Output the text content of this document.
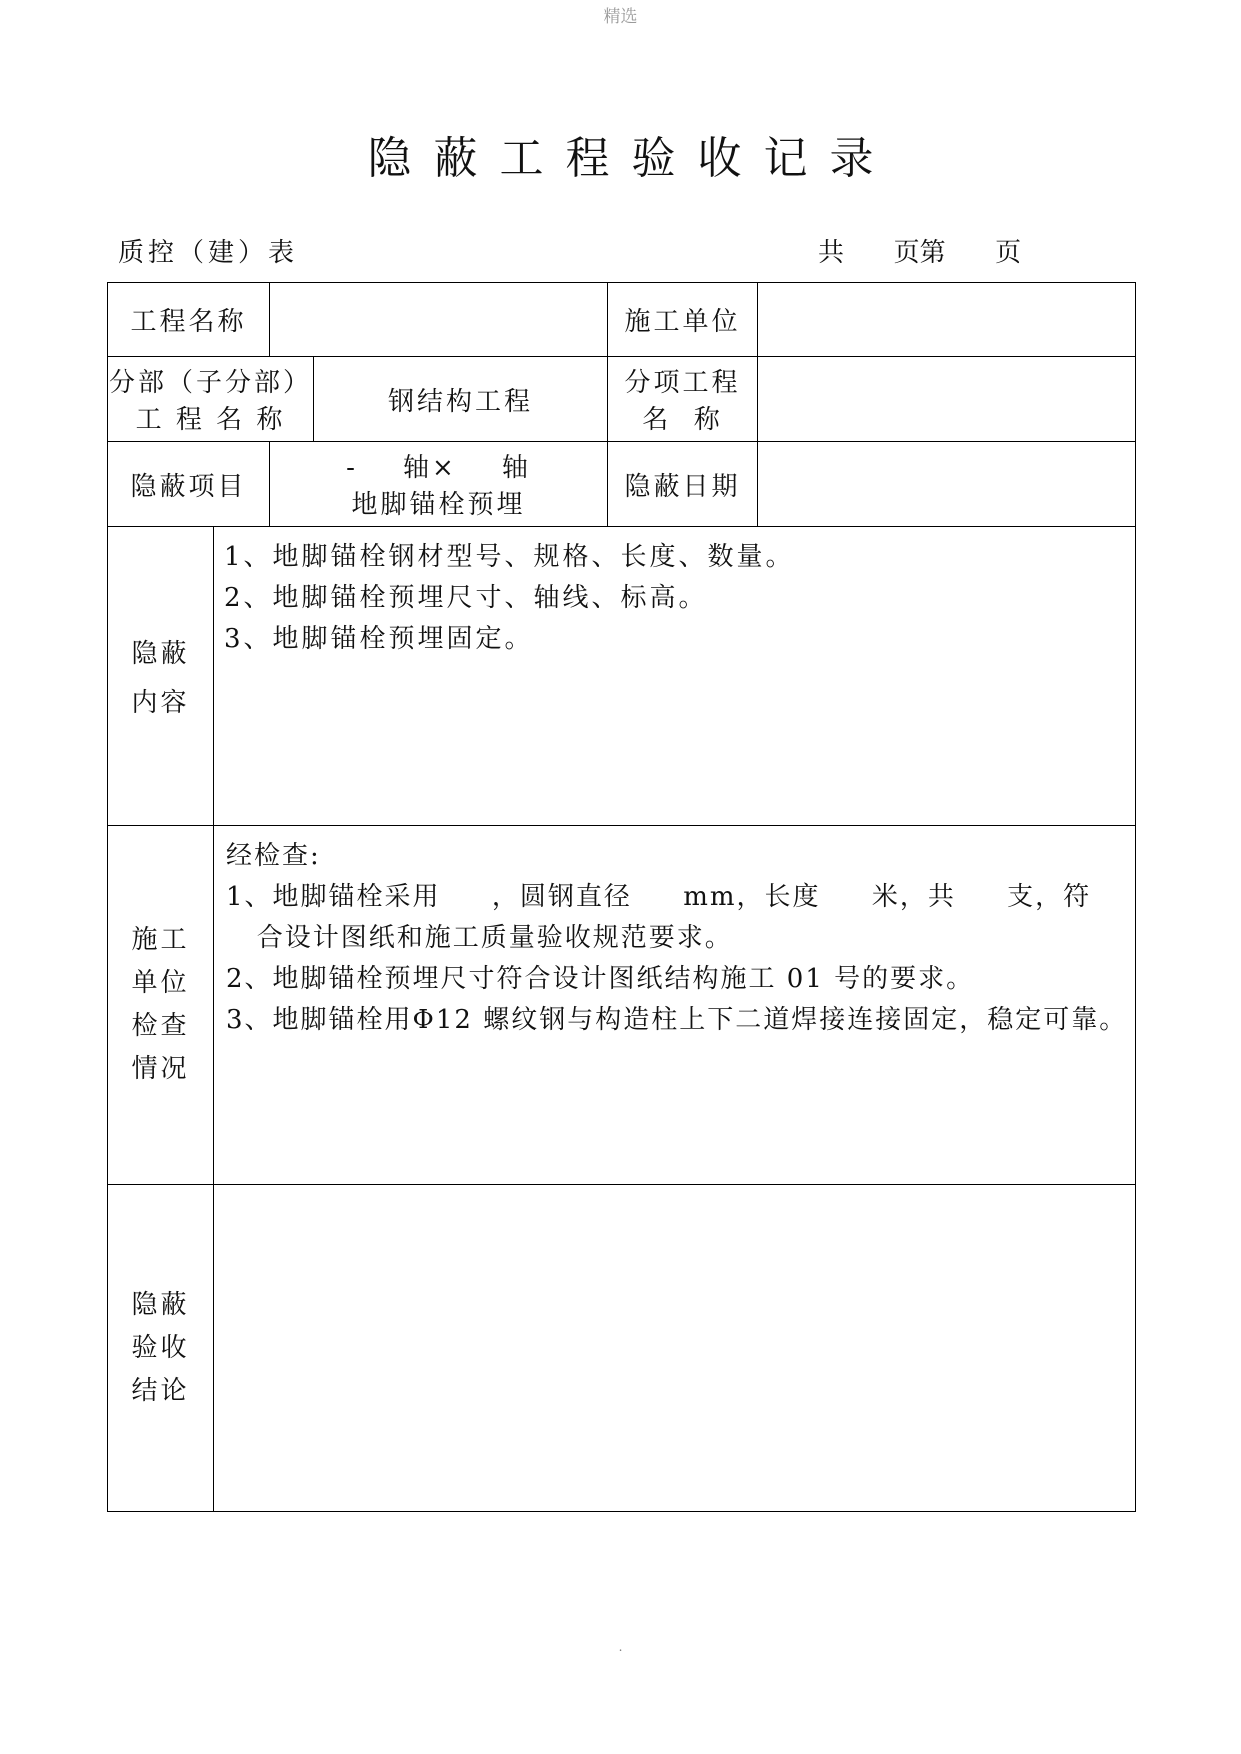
精选
隐蔽工程验收记录
质控（建）表	共      页第      页
工程名称	施工单位
分部（子分部）
工 程 名 称
钢结构工程
分项工程
名  称
隐蔽项目
-    轴×    轴
地脚锚栓预埋
隐蔽日期
隐蔽
内容
1、地脚锚栓钢材型号、规格、长度、数量。
2、地脚锚栓预埋尺寸、轴线、标高。
3、地脚锚栓预埋固定。
施工
单位
检查
情况
经检查:
1、地脚锚栓采用     ，圆钢直径     mm，长度     米，共     支，符
合设计图纸和施工质量验收规范要求。
2、地脚锚栓预埋尺寸符合设计图纸结构施工 01 号的要求。
3、地脚锚栓用Φ12 螺纹钢与构造柱上下二道焊接连接固定，稳定可靠。
隐蔽
验收
结论
.
